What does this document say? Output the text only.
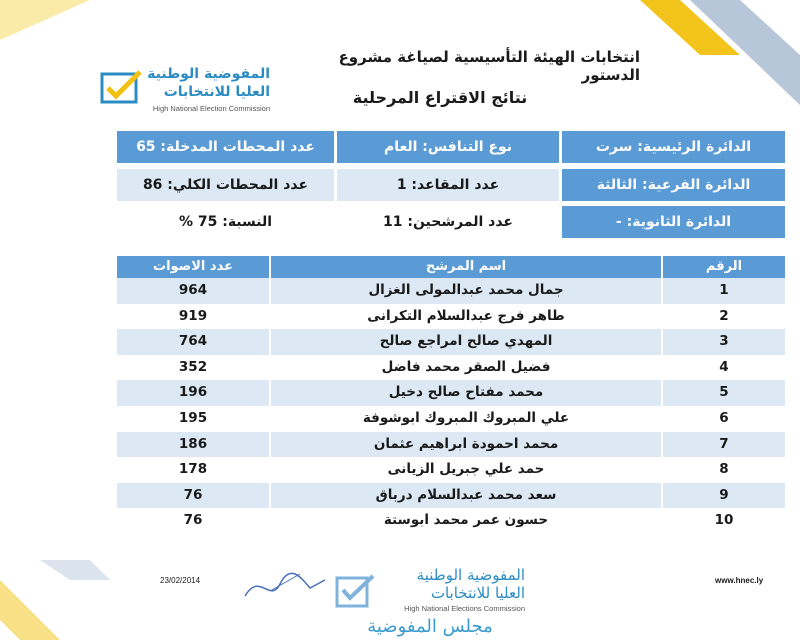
انتخابات الهيئة التأسيسية لصياغة مشروع الدستور
نتائج الاقتراع المرحلية
المفوضية الوطنية
العليا للانتخابات
High National Election Commission
الدائرة الرئيسية: سرت
نوع التنافس: العام
عدد المحطات المدخلة: 65
الدائرة الفرعية: الثالثة
عدد المقاعد: 1
عدد المحطات الكلي: 86
الدائرة الثانوية: -
عدد المرشحين: 11
النسبة: 75 %
عدد الاصوات	اسم المرشح	الرقم
964	جمال محمد عبدالمولى الغزال	1
919	طاهر فرج عبدالسلام التكرانى	2
764	المهدي صالح امراجع صالح	3
352	فضيل الصقر محمد فاضل	4
196	محمد مفتاح صالح دخيل	5
195	علي المبروك المبروك ابوشوفة	6
186	محمد احمودة ابراهيم عثمان	7
178	حمد علي جبريل الزيانى	8
76	سعد محمد عبدالسلام درباق	9
76	حسون عمر محمد ابوستة	10
23/02/2014	المفوضية الوطنية
العليا للانتخابات
High National Elections Commission
مجلس المفوضية
www.hnec.ly
